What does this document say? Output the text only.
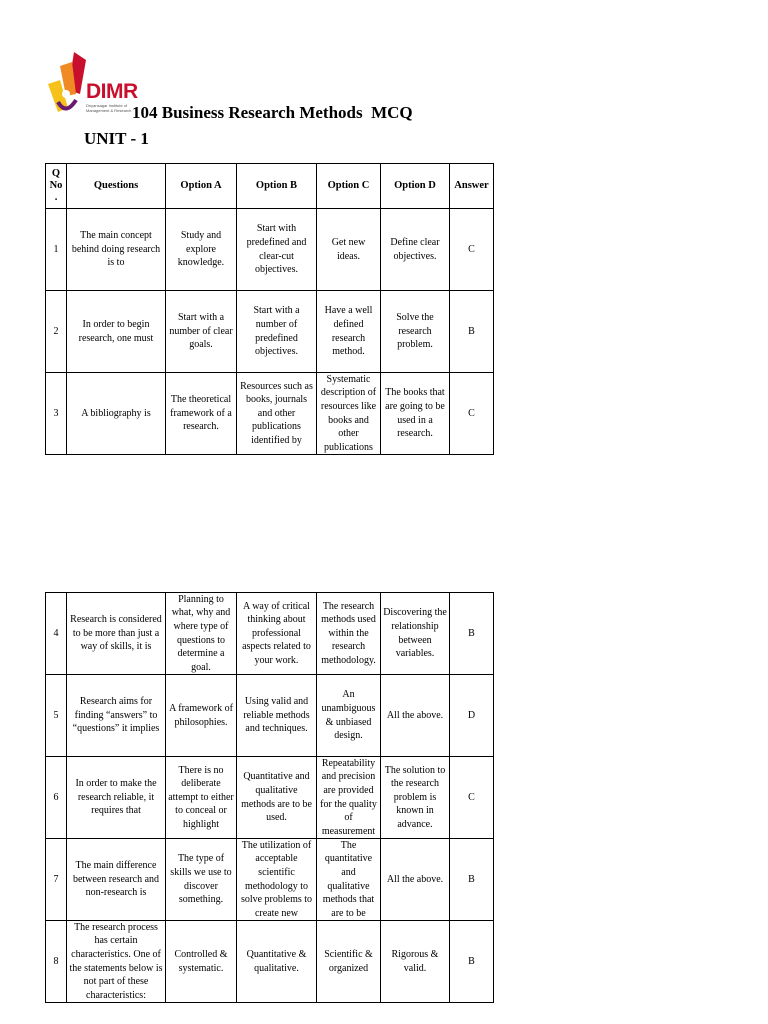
DIMR
Dnyansagar Institute of Management & Research 104 Business Research Methods  MCQ
UNIT - 1
Q
No
.	Questions	Option A	Option B	Option C	Option D	Answer

1	The main concept behind doing research is to	Study and explore knowledge.	Start with predefined and clear-cut objectives.	Get new ideas.	Define clear objectives.	C

2	In order to begin research, one must	Start with a number of clear goals.	Start with a number of predefined objectives.	Have a well defined research method.	Solve the research problem.	B

3	A bibliography is	The theoretical framework of a research.	Resources such as books, journals and other publications identified by	Systematic description of resources like books and other publications	The books that are going to be used in a research.	C
4	Research is considered to be more than just a way of skills, it is	Planning to what, why and where type of questions to determine a goal.	A way of critical thinking about professional aspects related to your work.	The research methods used within the research methodology.	Discovering the relationship between variables.	B

5	Research aims for finding “answers” to “questions” it implies	A framework of philosophies.	Using valid and reliable methods and techniques.	An unambiguous & unbiased design.	All the above.	D

6	In order to make the research reliable, it requires that	There is no deliberate attempt to either to conceal or highlight	Quantitative and qualitative methods are to be used.	Repeatability and precision are provided for the quality of measurement	The solution to the research problem is known in advance.	C

7	The main difference between research and non-research is	The type of skills we use to discover something.	The utilization of acceptable scientific methodology to solve problems to create new	The quantitative and qualitative methods that are to be	All the above.	B

8	The research process has certain characteristics. One of the statements below is not part of these characteristics:	Controlled & systematic.	Quantitative & qualitative.	Scientific & organized	Rigorous & valid.	B
